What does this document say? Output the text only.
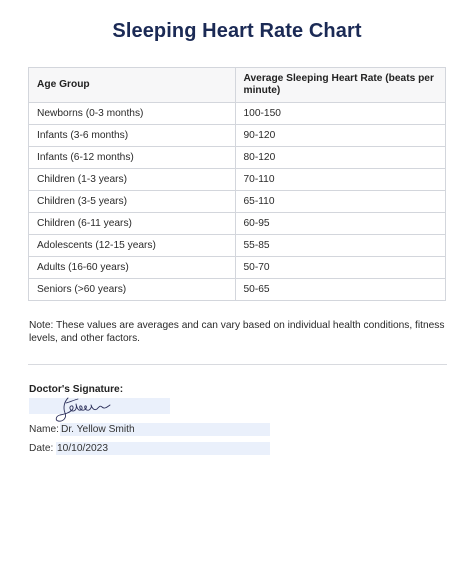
Sleeping Heart Rate Chart
Age Group	Average Sleeping Heart Rate (beats per minute)
Newborns (0-3 months)	100-150
Infants (3-6 months)	90-120
Infants (6-12 months)	80-120
Children (1-3 years)	70-110
Children (3-5 years)	65-110
Children (6-11 years)	60-95
Adolescents (12-15 years)	55-85
Adults (16-60 years)	50-70
Seniors (>60 years)	50-65
Note: These values are averages and can vary based on individual health conditions, fitness levels, and other factors.
Doctor's Signature:
Name: Dr. Yellow Smith
Date: 10/10/2023
